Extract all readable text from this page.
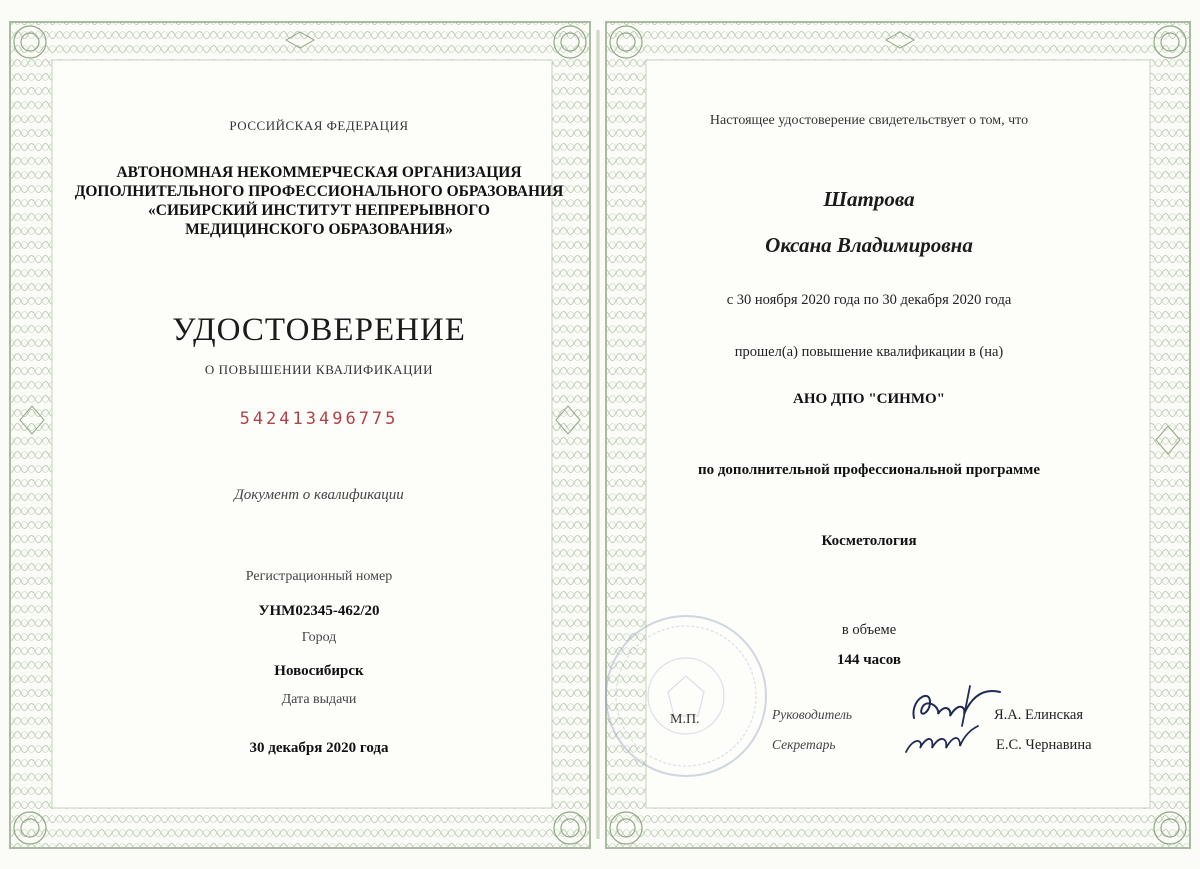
РОССИЙСКАЯ ФЕДЕРАЦИЯ
АВТОНОМНАЯ НЕКОММЕРЧЕСКАЯ ОРГАНИЗАЦИЯ
ДОПОЛНИТЕЛЬНОГО ПРОФЕССИОНАЛЬНОГО ОБРАЗОВАНИЯ
«СИБИРСКИЙ ИНСТИТУТ НЕПРЕРЫВНОГО
МЕДИЦИНСКОГО ОБРАЗОВАНИЯ»
УДОСТОВЕРЕНИЕ
О ПОВЫШЕНИИ КВАЛИФИКАЦИИ
542413496775
Документ о квалификации
Регистрационный номер
УНМ02345-462/20
Город
Новосибирск
Дата выдачи
30 декабря 2020 года
Настоящее удостоверение свидетельствует о том, что
Шатрова
Оксана Владимировна
с 30 ноября 2020 года по 30 декабря 2020 года
прошел(а) повышение квалификации в (на)
АНО ДПО "СИНМО"
по дополнительной профессиональной программе
Косметология
в объеме
144 часов
М.П.	Руководитель
Секретарь
Я.А. Елинская
Е.С. Чернавина
